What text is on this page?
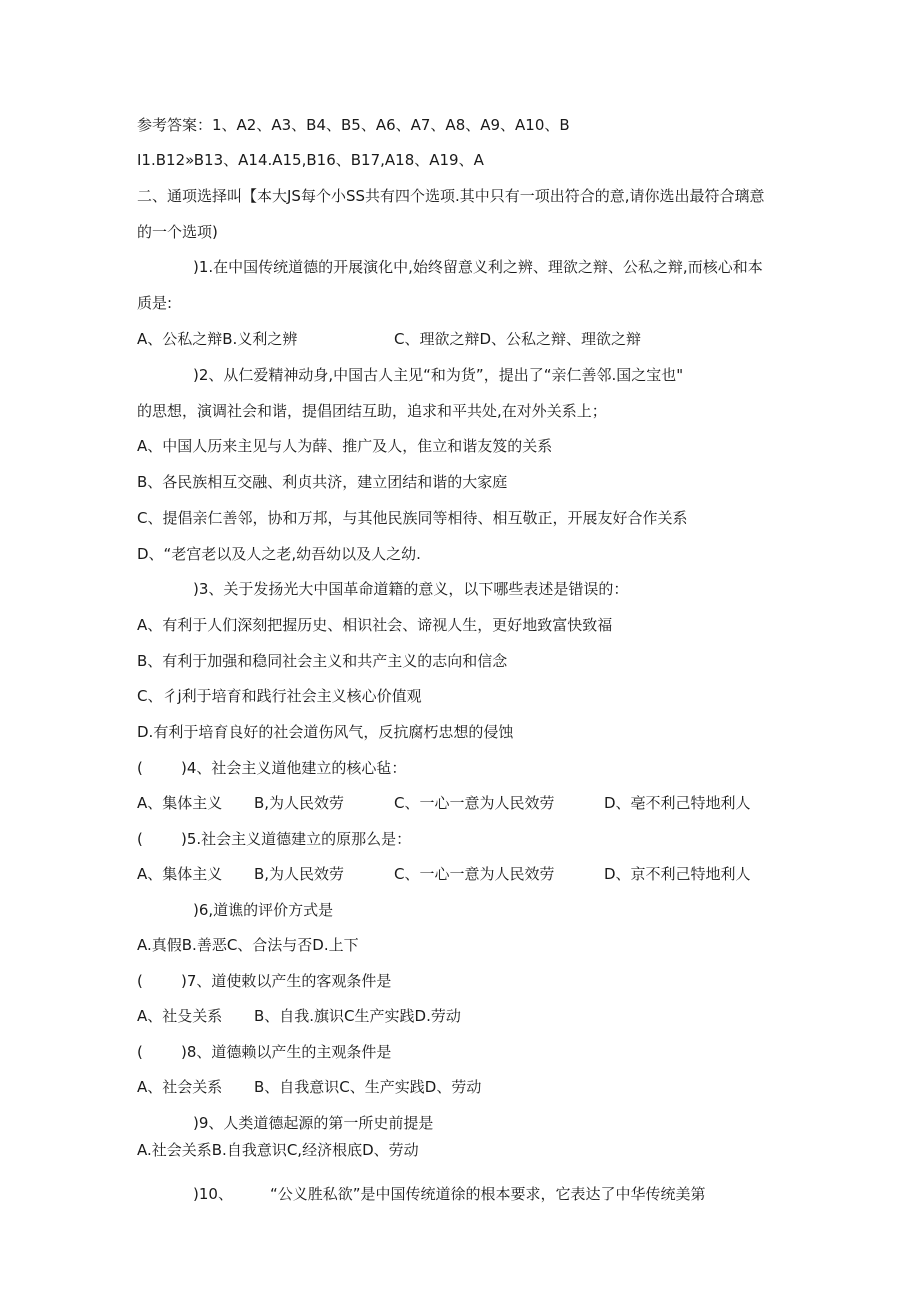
参考答案：1、A2、A3、B4、B5、A6、A7、A8、A9、A10、B
I1.B12»B13、A14.A15,B16、B17,A18、A19、A
二、通项选择叫【本大JS每个小SS共有四个选项.其中只有一项出符合的意,请你选出最符合璃意
的一个选项)
)1.在中国传统道德的开展演化中,始终留意义利之辨、理欲之辩、公私之辩,而核心和本
质是:
A、公私之辩B.义利之辨	C、理欲之辩D、公私之辩、理欲之辩
)2、从仁爱精神动身,中国古人主见“和为货”，提出了“亲仁善邻.国之宝也"
的思想，演调社会和谐，提倡团结互助，追求和平共处,在对外关系上；
A、中国人历来主见与人为薛、推广及人，隹立和谐友笈的关系
B、各民族相互交融、利贞共济，建立团结和谐的大家庭
C、提倡亲仁善邻，协和万邦，与其他民族同等相待、相互敬正，开展友好合作关系
D、“老宫老以及人之老,幼吾幼以及人之幼.
)3、关于发扬光大中国革命道籍的意义，以下哪些表述是错误的：
A、有利于人们深刻把握历史、相识社会、谛视人生，更好地致富快致福
B、有利于加强和稳同社会主义和共产主义的志向和信念
C、彳j利于培育和践行社会主义核心价值观
D.有利于培育良好的社会道伤风气，反抗腐朽忠想的侵蚀
(	)4、社会主义道他建立的核心毡：
A、集体主义 B,为人民效劳	C、一心一意为人民效劳	D、亳不利己特地利人
(	)5.社会主义道德建立的原那么是：
A、集体主义 B,为人民效劳	C、一心一意为人民效劳	D、京不利己特地利人
)6,道谯的评价方式是
A.真假B.善恶C、合法与否D.上下
(	)7、道使敕以产生的客观条件是
A、社殳关系 B、自我.旗识C生产实践D.劳动
(	)8、道德赖以产生的主观条件是
A、社会关系 B、自我意识C、生产实践D、劳动
)9、人类道德起源的第一所史前提是
A.社会关系B.自我意识C,经济根底D、劳动
)10、 “公义胜私欲”是中国传统道徐的根本要求，它表达了中华传统美第
